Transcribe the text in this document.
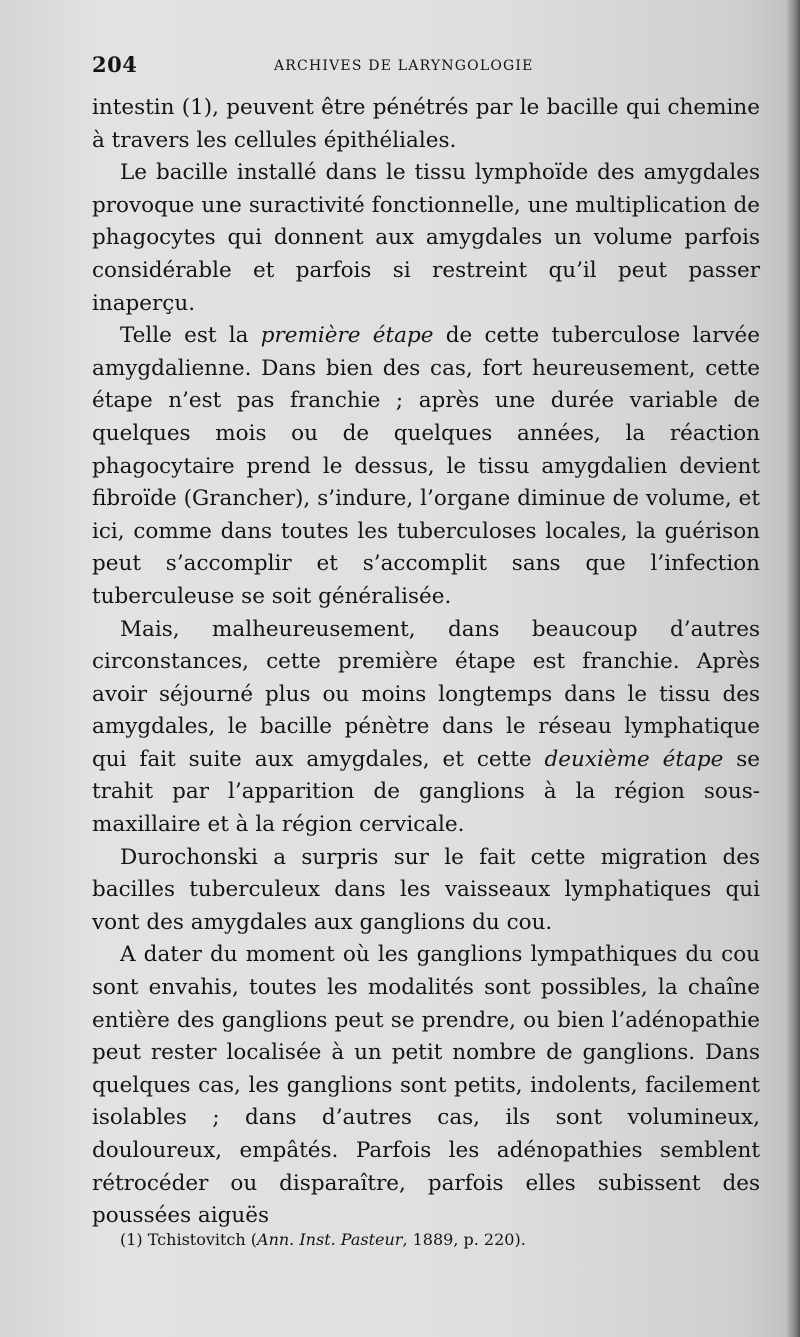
204	ARCHIVES DE LARYNGOLOGIE

intestin (1), peuvent être pénétrés par le bacille qui chemine à travers les cellules épithéliales.

Le bacille installé dans le tissu lymphoïde des amygdales provoque une suractivité fonctionnelle, une multiplication de phagocytes qui donnent aux amygdales un volume parfois considérable et parfois si restreint qu’il peut passer inaperçu.

Telle est la première étape de cette tuberculose larvée amygdalienne. Dans bien des cas, fort heureusement, cette étape n’est pas franchie ; après une durée variable de quelques mois ou de quelques années, la réaction phagocytaire prend le dessus, le tissu amygdalien devient fibroïde (Grancher), s’indure, l’organe diminue de volume, et ici, comme dans toutes les tuberculoses locales, la guérison peut s’accomplir et s’accomplit sans que l’infection tuberculeuse se soit généralisée.

Mais, malheureusement, dans beaucoup d’autres circonstances, cette première étape est franchie. Après avoir séjourné plus ou moins longtemps dans le tissu des amygdales, le bacille pénètre dans le réseau lymphatique qui fait suite aux amygdales, et cette deuxième étape se trahit par l’apparition de ganglions à la région sous-maxillaire et à la région cervicale.

Durochonski a surpris sur le fait cette migration des bacilles tuberculeux dans les vaisseaux lymphatiques qui vont des amygdales aux ganglions du cou.

A dater du moment où les ganglions lympathiques du cou sont envahis, toutes les modalités sont possibles, la chaîne entière des ganglions peut se prendre, ou bien l’adénopathie peut rester localisée à un petit nombre de ganglions. Dans quelques cas, les ganglions sont petits, indolents, facilement isolables ; dans d’autres cas, ils sont volumineux, douloureux, empâtés. Parfois les adénopathies semblent rétrocéder ou disparaître, parfois elles subissent des poussées aiguës

(1) Tchistovitch (Ann. Inst. Pasteur, 1889, p. 220).
